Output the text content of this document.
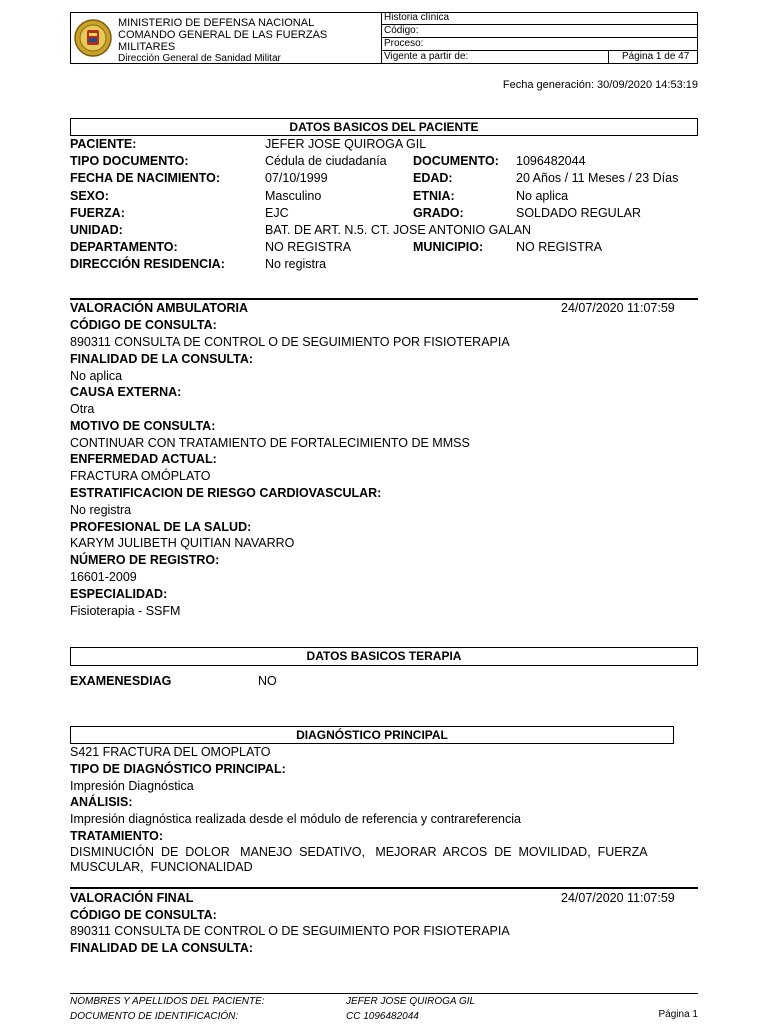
MINISTERIO DE DEFENSA NACIONAL
COMANDO GENERAL DE LAS FUERZAS MILITARES
Dirección General de Sanidad Militar
Historia clínica
Código:
Proceso:
Vigente a partir de:	Página 1 de 47
Fecha generación: 30/09/2020 14:53:19
DATOS BASICOS DEL PACIENTE
PACIENTE:	JEFER JOSE QUIROGA GIL
TIPO DOCUMENTO:	Cédula de ciudadanía DOCUMENTO: 1096482044
FECHA DE NACIMIENTO:	07/10/1999	EDAD:	20 Años / 11 Meses / 23 Días
SEXO:	Masculino	ETNIA:	No aplica
FUERZA:	EJC	GRADO:	SOLDADO REGULAR
UNIDAD:	BAT. DE ART. N.5. CT. JOSE ANTONIO GALAN
DEPARTAMENTO:	NO REGISTRA	MUNICIPIO:	NO REGISTRA
DIRECCIÓN RESIDENCIA:	No registra
VALORACIÓN AMBULATORIA	24/07/2020 11:07:59
CÓDIGO DE CONSULTA:
890311 CONSULTA DE CONTROL O DE SEGUIMIENTO POR FISIOTERAPIA
FINALIDAD DE LA CONSULTA:
No aplica
CAUSA EXTERNA:
Otra
MOTIVO DE CONSULTA:
CONTINUAR CON TRATAMIENTO DE FORTALECIMIENTO DE MMSS
ENFERMEDAD ACTUAL:
FRACTURA OMÓPLATO
ESTRATIFICACION DE RIESGO CARDIOVASCULAR:
No registra
PROFESIONAL DE LA SALUD:
KARYM JULIBETH QUITIAN NAVARRO
NÚMERO DE REGISTRO:
16601-2009
ESPECIALIDAD:
Fisioterapia - SSFM
DATOS BASICOS TERAPIA
EXAMENESDIAG	NO
DIAGNÓSTICO PRINCIPAL
S421 FRACTURA DEL OMOPLATO
TIPO DE DIAGNÓSTICO PRINCIPAL:
Impresión Diagnóstica
ANÁLISIS:
Impresión diagnóstica realizada desde el módulo de referencia y contrareferencia
TRATAMIENTO:
DISMINUCIÓN  DE  DOLOR   MANEJO  SEDATIVO,   MEJORAR  ARCOS  DE  MOVILIDAD,  FUERZA
MUSCULAR,  FUNCIONALIDAD
VALORACIÓN FINAL	24/07/2020 11:07:59
CÓDIGO DE CONSULTA:
890311 CONSULTA DE CONTROL O DE SEGUIMIENTO POR FISIOTERAPIA
FINALIDAD DE LA CONSULTA:
NOMBRES Y APELLIDOS DEL PACIENTE:	JEFER JOSE QUIROGA GIL
DOCUMENTO DE IDENTIFICACIÓN:	CC 1096482044	Página 1
